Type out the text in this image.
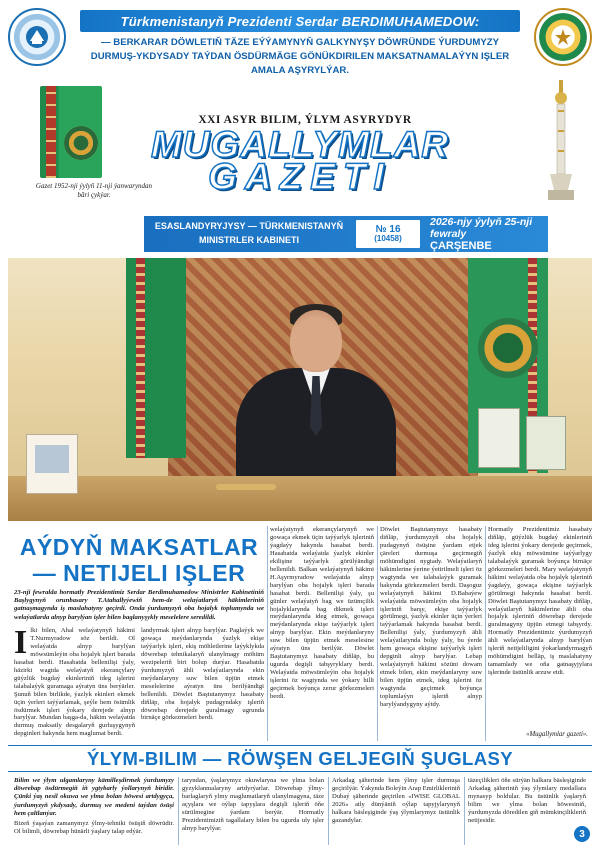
Türkmenistanyň Prezidenti Serdar BERDIMUHAMEDOW:
— BERKARAR DÖWLETIŇ TÄZE EÝÝAMYNYŇ GALKYNYŞY DÖWRÜNDE ÝURDUMYZY DURMUŞ-YKDYSADY TAÝDAN ÖSDÜRMÄGE GÖNÜKDIRILEN MAKSATNAMALAÝYN IŞLER AMALA AŞYRYLÝAR.
Gazet 1952-nji ýylyň 11-nji ýanwaryndan bări çykýar.
XXI ASYR BILIM, ÝLYM ASYRYDYR
MUGALLYMLAR
GAZETI
ESASLANDYRYJYSY — TÜRKMENISTANYŇ MINISTRLER KABINETI
№ 16
(10458)
2026-njy ýylyň 25-nji fewraly
ÇARŞENBE
AÝDYŇ MAKSATLAR — NETIJELI IŞLER
23-nji fewralda hormatly Prezidentimiz Serdar Berdimuhamedow Ministrler Kabinetiniň Başlygynyň orunbasary T.Atahallyýewiň hem-de welaýatlaryň häkimleriniň gatnaşmagynda iş maslahatyny geçirdi. Onda ýurdumyzyň oba hojalyk toplumynda we welaýatlarda alnyp barylýan işler bilen baglanyşykly meselelere seredildi.
I lki bilen, Ahal welaýatynyň häkimi T.Nurmyradow söz berildi. Ol welaýatda alnyp barylýan möwsümleýin oba hojalyk işleri barada hasabat berdi. Hasabatda bellenilişi ýaly, häzirki wagtda welaýatyň ekerançylary güýzlük bugdaý ekinleriniň ideg işlerini talabalaýyk guramaga aýratyn üns berýärler. Şunuň bilen birlikde, ýazlyk ekinleri ekmek üçin ýerleri taýýarlamak, şeýle hem ösümlik ösdürmek işleri ýokary derejede alnyp barylýar. Mundan başga-da, häkim welaýatda durmuş maksatly desgalaryň gurluşygynyň depginleri hakynda hem maglumat berdi.
landyrmak işleri alnyp barylýar. Paglaýyk we gowaça meýdanlarynda ýazlyk ekişe taýýarlyk işleri, ekiş möhletlerine laýyklykda döwrebap tehnikalaryň ulanylmagy möhüm wezipeleriň biri bolup durýar. Hasabatda ýurdumyzyň ähli welaýatlarynda ekin meýdanlaryny suw bilen üpjün etmek meselelerine aýratyn üns berilýändigi bellenildi. Döwlet Baştutanymyz hasabaty diňläp, oba hojalyk pudagyndaky işleriň döwrebap derejede guralmagy ugrunda birnäçe görkezmeleri berdi.
welaýatynyň ekerançylarynyň we gowaça ekmek üçin taýýarlyk işleriniň ýagdaýy hakynda hasabat berdi. Hasabatda welaýatda ýazlyk ekinler ekilişine taýýarlyk görülýändigi bellenildi. Balkan welaýatynyň häkimi H.Aşyrmyradow welaýatda alnyp barylýan oba hojalyk işleri barada hasabat berdi. Bellenilişi ýaly, şu günler welaýatyň bag we üzümçilik hojalyklarynda bag dikmek işleri meýdanlarynda ideg etmek, gowaça meýdanlarynda ekişe taýýarlyk işleri alnyp barylýar. Ekin meýdanlaryny suw bilen üpjün etmek meselesine aýratyn üns berilýär. Döwlet Baştutanymyz hasabaty diňläp, bu ugurda degişli tabşyryklary berdi. Welaýatda möwsümleýin oba hojalyk işlerini öz wagtynda we ýokary hilli geçirmek boýunça zerur görkezmeleri berdi.
Döwlet Baştutanymyz hasabaty diňläp, ýurdumyzyň oba hojalyk pudagynyň ösüşine ýardam etjek çäreleri durmuşa geçirmegiň möhümdigini nygtady. Welaýatlaryň häkimlerine ýerine ýetirilmeli işleri öz wagtynda we talabalaýyk guramak hakynda görkezmeleri berdi. Daşoguz welaýatynyň häkimi D.Babaýew welaýatda möwsümleýin oba hojalyk işleriniň barşy, ekişe taýýarlyk görülmegi, ýazlyk ekinler üçin ýerleri taýýarlamak hakynda hasabat berdi. Bellenilişi ýaly, ýurdumyzyň ähli welaýatlarynda bolşy ýaly, bu ýerde hem gowaça ekişine taýýarlyk işleri depginli alnyp barylýar. Lebap welaýatynyň häkimi sözüni dowam etmek bilen, ekin meýdanlaryny suw bilen üpjün etmek, ideg işlerini öz wagtynda geçirmek boýunça toplumlaýyn işleriň alnyp barylýandygyny aýtdy.
Hormatly Prezidentimiz hasabaty diňläp, güýzlük bugdaý ekinleriniň ideg işlerini ýokary derejede geçirmek, ýazlyk ekiş möwsümine taýýarlygy talabalaýyk guramak boýunça birnäçe görkezmeleri berdi. Mary welaýatynyň häkimi welaýatda oba hojalyk işleriniň ýagdaýy, gowaça ekişine taýýarlyk görülmegi hakynda hasabat berdi. Döwlet Baştutanymyz hasabaty diňläp, welaýatlaryň häkimlerine ähli oba hojalyk işleriniň döwrebap derejede guralmagyny üpjün etmegi tabşyrdy. Hormatly Prezidentimiz ýurdumyzyň ähli welaýatlarynda alnyp barylýan işleriň netijeliligini ýokarlandyrmagyň möhümdigini belläp, iş maslahatyny tamamlady we oňa gatnaşyjylara işlerinde üstünlik arzuw etdi.
«Mugallymlar gazeti».
ÝLYM-BILIM — RÖWŞEN GELJEGIŇ ŞUGLASY
Bilim we ýlym ulgamlaryny kämilleşdirmek ýurdumyzy döwrebap ösdürmegiň iň ygtybarly ýollarynyň biridir. Çünki ýaş nesil okuwa we ylma bolan höwesi artdygyça, ýurdumyzyň ykdysady, durmuş we medeni taýdan ösüşi hem çaltlanýar.
Bizeň ýaşaýan zamanymyz ýlmy-tehniki ösüşiň döwrüdir. Ol bilimli, döwrebap hünärli ýaşlary talap edýär.
taryndan, ýaşlarymyz okuwlaryna we ylma bolan gyzyklanmalaryny artdyrýarlar. Döwrebap ýlmy-barlaglaryň ylmy maglumatlaryň ulanylmagyna, täze açyşlara we oýlap tapyşlara degişli işleriň öňe sürülmegine ýardam berýär. Hormatly Prezidentimiziň tagallalary bilen bu ugurda uly işler alnyp barylýar.
Arkadag şäherinde hem ýlmy işler durmuşa geçirilýär. Ýakynda Boleýin Arap Emirlikleriniň Dubaý şäherinde geçirilen «IWISE GLOBAL 2026» atly dünýäniň oýlap tapyjylarynyň halkara bäsleşiginde ýaş ýlymlarymyz üstünlik gazandylar.
täzeçilikleri öňe sürýän halkara bäsleşiginde Arkadag şäheriniň ýaş ýlymlary medallara mynasyp boldular. Bu üstünlik ýaşlaryň bilim we ylma bolan höwesiniň, ýurdumyzda döredilen giň mümkinçilikleriň netijesidir.
3
